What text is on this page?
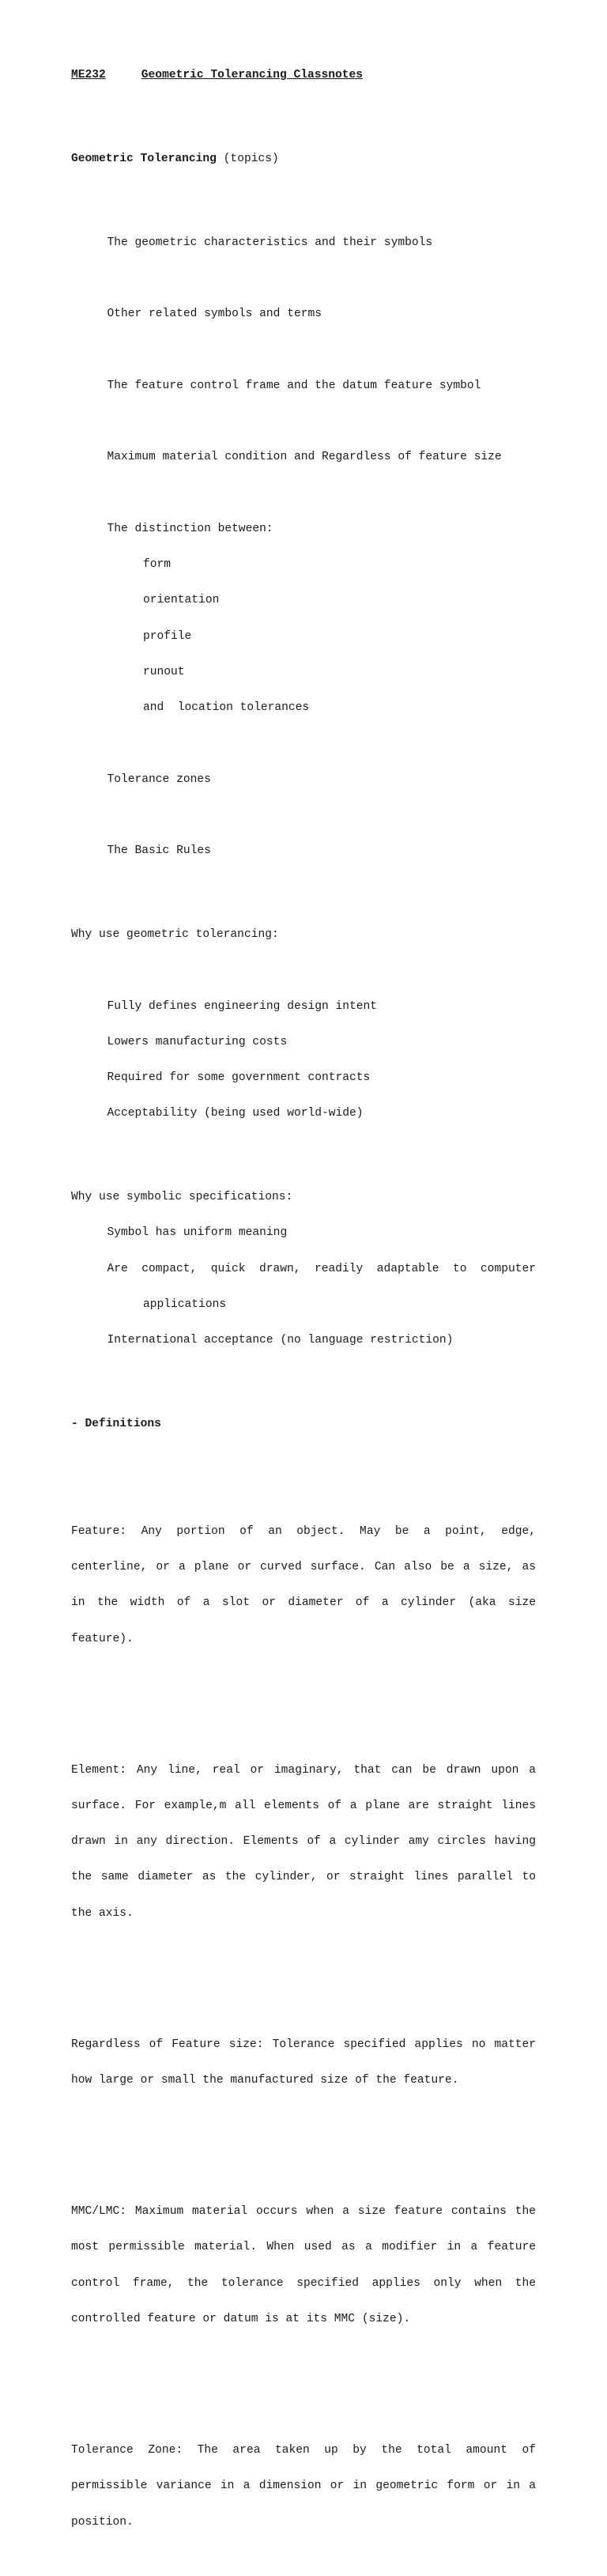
ME232	Geometric Tolerancing Classnotes

Geometric Tolerancing (topics)

The geometric characteristics and their symbols

Other related symbols and terms

The feature control frame and the datum feature symbol

Maximum material condition and Regardless of feature size

The distinction between:

form

orientation

profile

runout

and  location tolerances

Tolerance zones

The Basic Rules

Why use geometric tolerancing:

Fully defines engineering design intent

Lowers manufacturing costs

Required for some government contracts

Acceptability (being used world-wide)

Why use symbolic specifications:

Symbol has uniform meaning

Are compact, quick drawn, readily adaptable to computer

applications

International acceptance (no language restriction)

- Definitions

Feature: Any portion of an object. May be a point, edge,

centerline, or a plane or curved surface. Can also be a size, as

in the width of a slot or diameter of a cylinder (aka size

feature).

Element: Any line, real or imaginary, that can be drawn upon a

surface. For example,m all elements of a plane are straight lines

drawn in any direction. Elements of a cylinder amy circles having

the same diameter as the cylinder, or straight lines parallel to

the axis.

Regardless of Feature size: Tolerance specified applies no matter

how large or small the manufactured size of the feature.

MMC/LMC: Maximum material occurs when a size feature contains the

most permissible material. When used as a modifier in a feature

control frame, the tolerance specified applies only when the

controlled feature or datum is at its MMC (size).

Tolerance Zone: The area taken up by the total amount of

permissible variance in a dimension or in geometric form or in a

position.
